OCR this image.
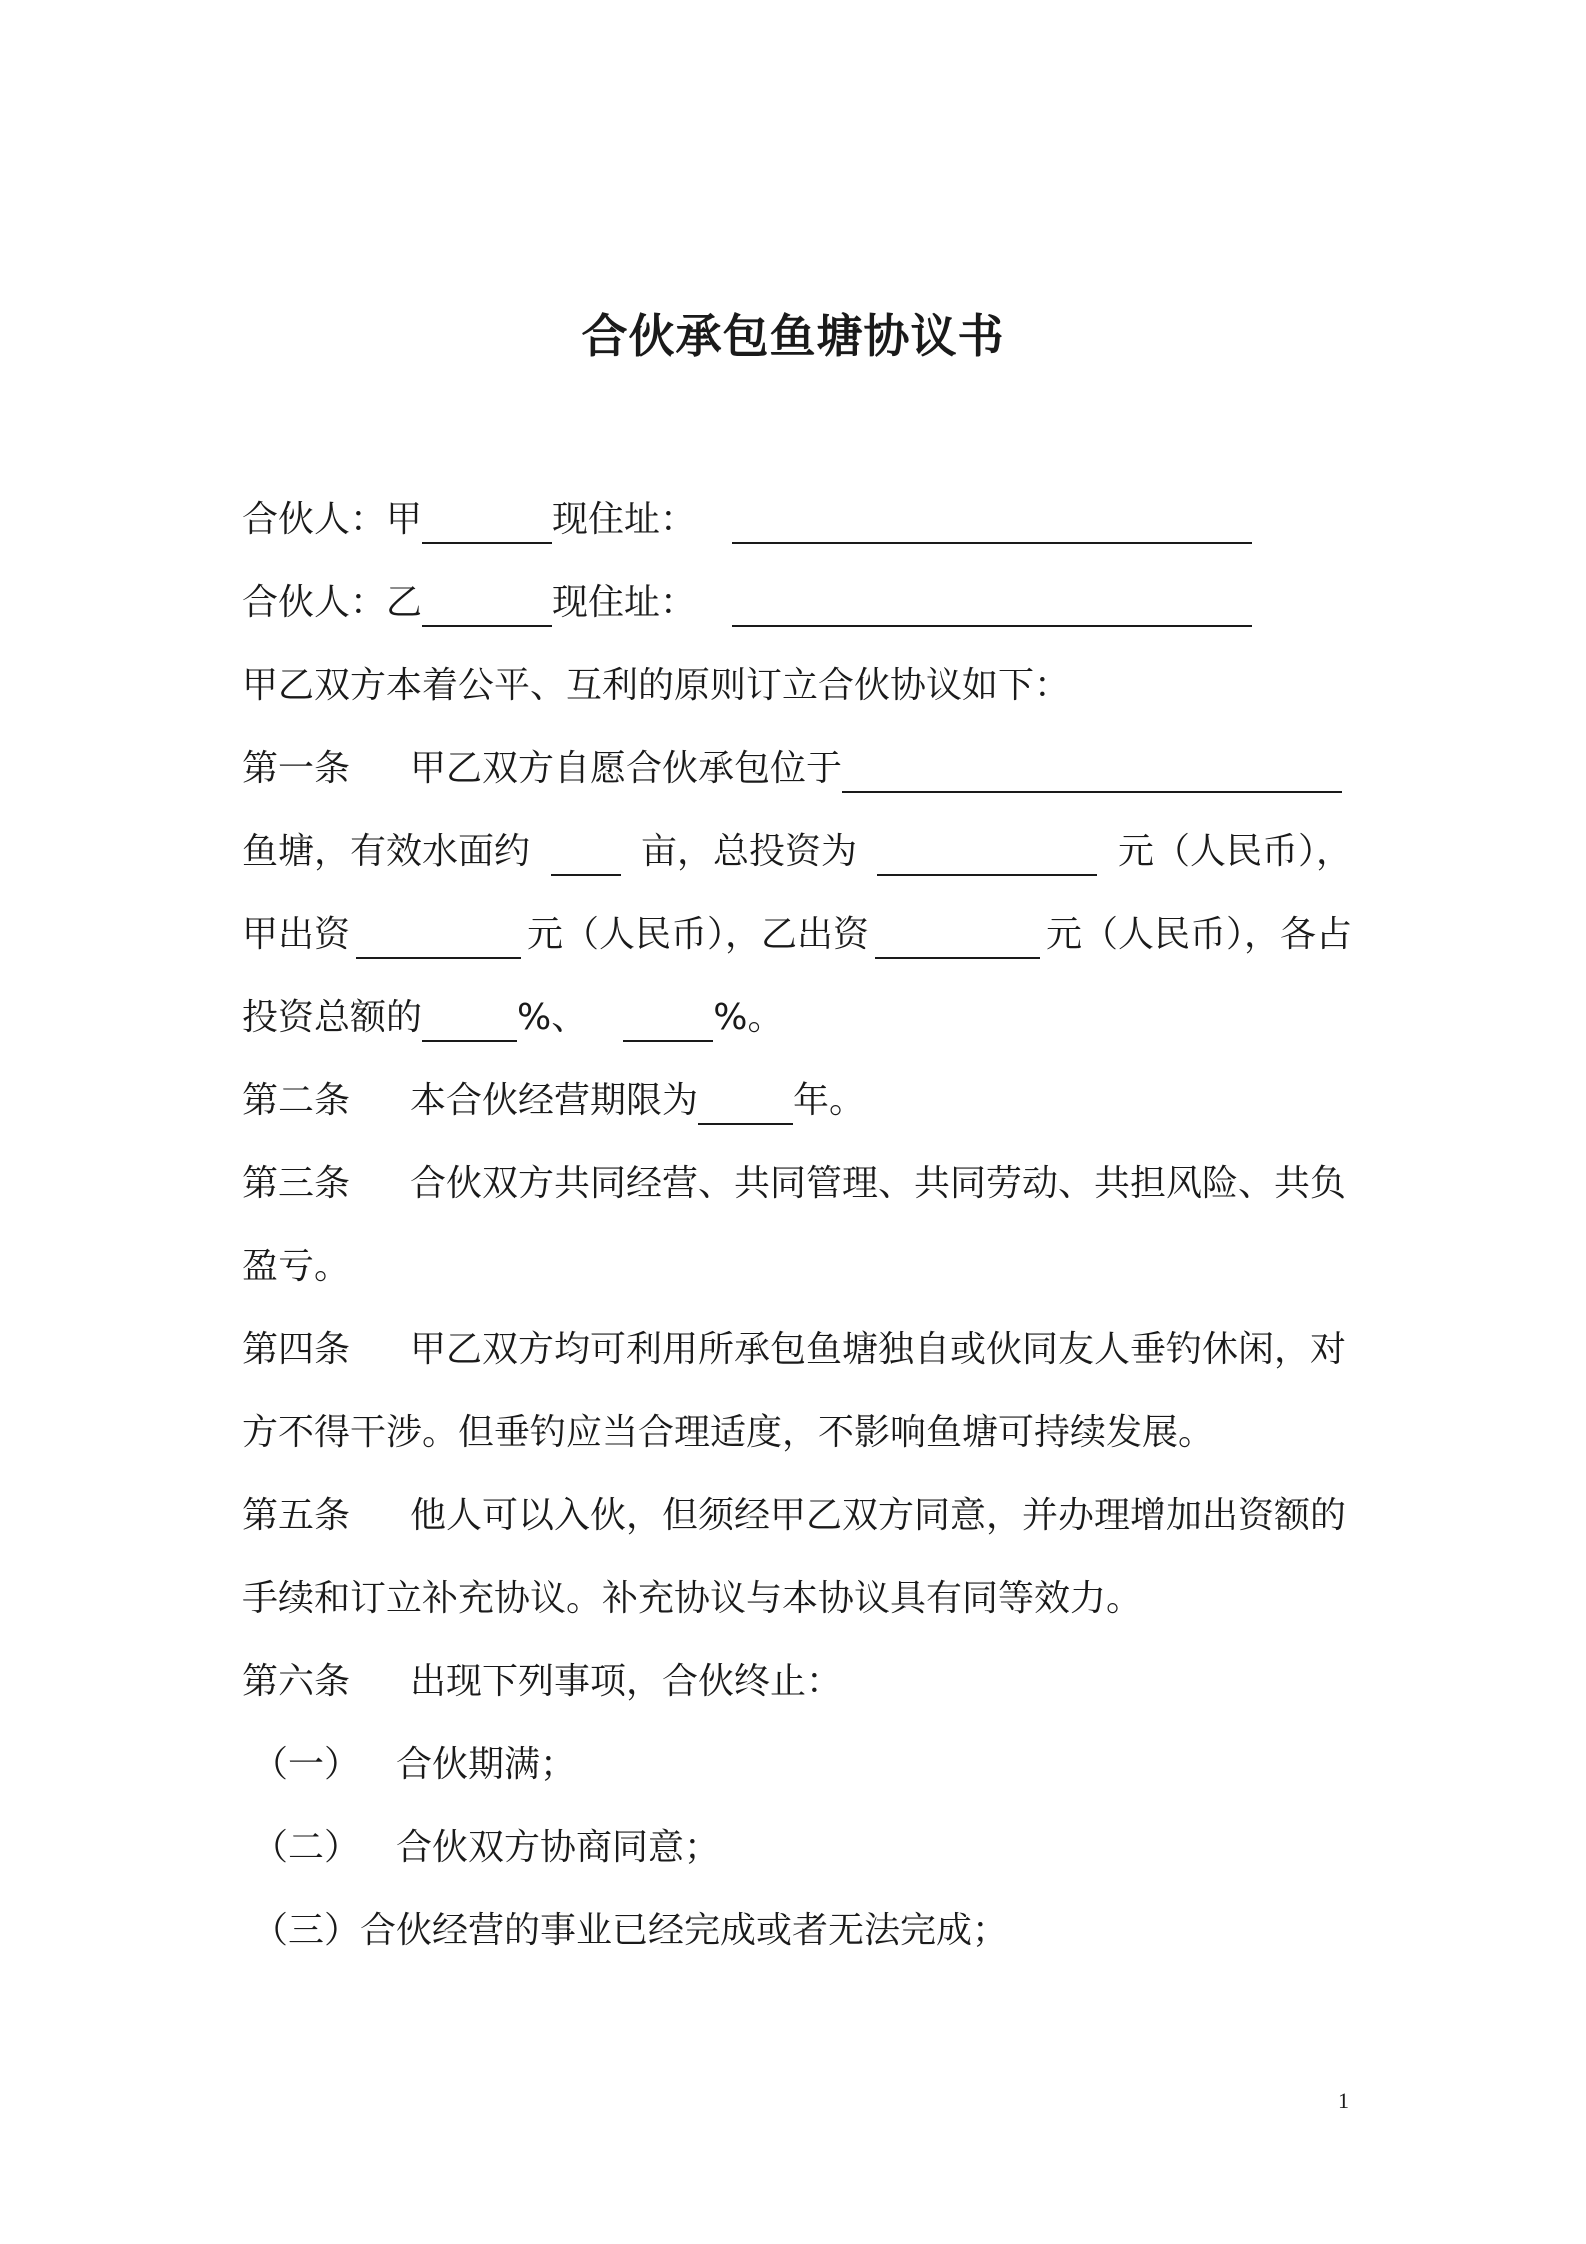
合伙承包鱼塘协议书
合伙人：甲	现住址：
合伙人：乙	现住址：
甲乙双方本着公平、互利的原则订立合伙协议如下：
第一条 甲乙双方自愿合伙承包位于
鱼塘，有效水面约	亩，总投资为	元（人民币），
甲出资	元（人民币），乙出资	元（人民币），各占
投资总额的	%、	%。
第二条 本合伙经营期限为	年。
第三条 合伙双方共同经营、共同管理、共同劳动、共担风险、共负
盈亏。
第四条 甲乙双方均可利用所承包鱼塘独自或伙同友人垂钓休闲，对
方不得干涉。但垂钓应当合理适度，不影响鱼塘可持续发展。
第五条 他人可以入伙，但须经甲乙双方同意，并办理增加出资额的
手续和订立补充协议。补充协议与本协议具有同等效力。
第六条 出现下列事项，合伙终止：
（一） 合伙期满；
（二） 合伙双方协商同意；
（三） 合伙经营的事业已经完成或者无法完成；
1
